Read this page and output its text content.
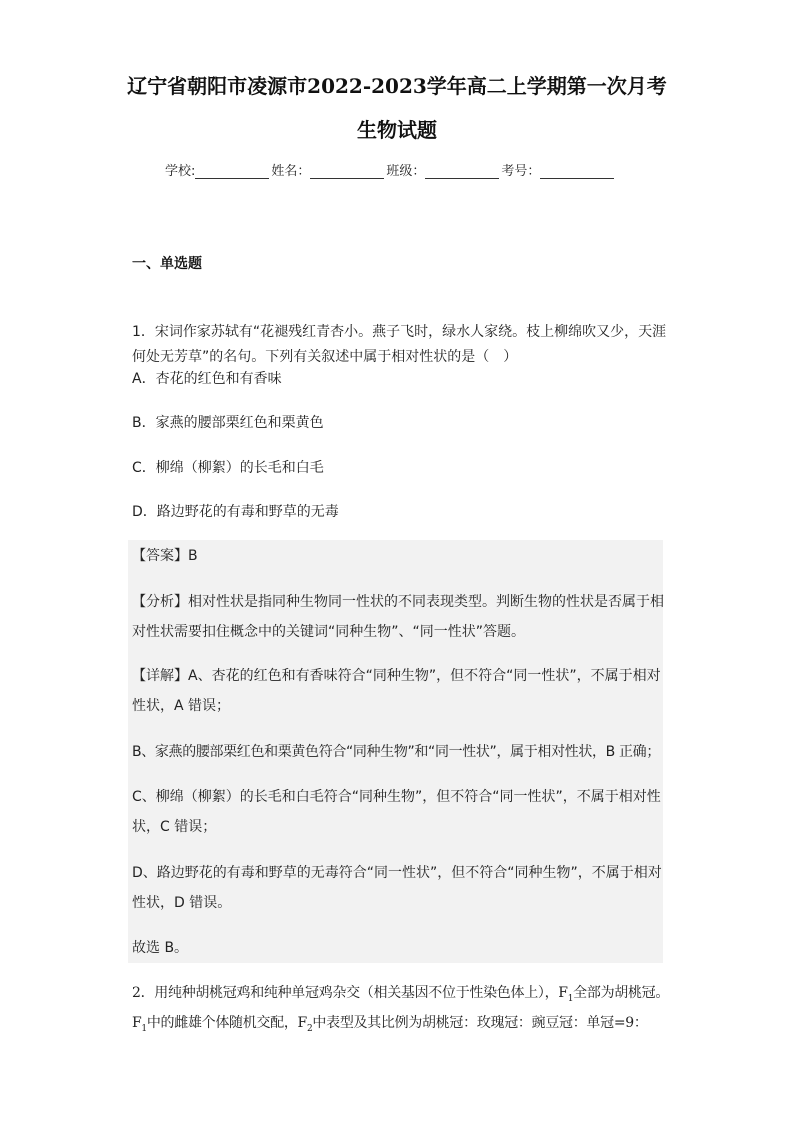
辽宁省朝阳市凌源市2022-2023学年高二上学期第一次月考
生物试题
学校:	姓名：	班级：	考号：
一、单选题
1．宋词作家苏轼有“花褪残红青杏小。燕子飞时，绿水人家绕。枝上柳绵吹又少，天涯
何处无芳草”的名句。下列有关叙述中属于相对性状的是（　）
A．杏花的红色和有香味
B．家燕的腰部栗红色和栗黄色
C．柳绵（柳絮）的长毛和白毛
D．路边野花的有毒和野草的无毒
【答案】B
【分析】相对性状是指同种生物同一性状的不同表现类型。判断生物的性状是否属于相
对性状需要扣住概念中的关键词“同种生物”、“同一性状”答题。
【详解】A、杏花的红色和有香味符合“同种生物”，但不符合“同一性状”，不属于相对
性状，A 错误；
B、家燕的腰部栗红色和栗黄色符合“同种生物”和“同一性状”，属于相对性状，B 正确；
C、柳绵（柳絮）的长毛和白毛符合“同种生物”，但不符合“同一性状”，不属于相对性
状，C 错误；
D、路边野花的有毒和野草的无毒符合“同一性状”，但不符合“同种生物”，不属于相对
性状，D 错误。
故选 B。
2．用纯种胡桃冠鸡和纯种单冠鸡杂交（相关基因不位于性染色体上），$F_1$全部为胡桃冠。
$F_1$中的雌雄个体随机交配，$F_2$中表型及其比例为胡桃冠：玫瑰冠：豌豆冠：单冠=9：
